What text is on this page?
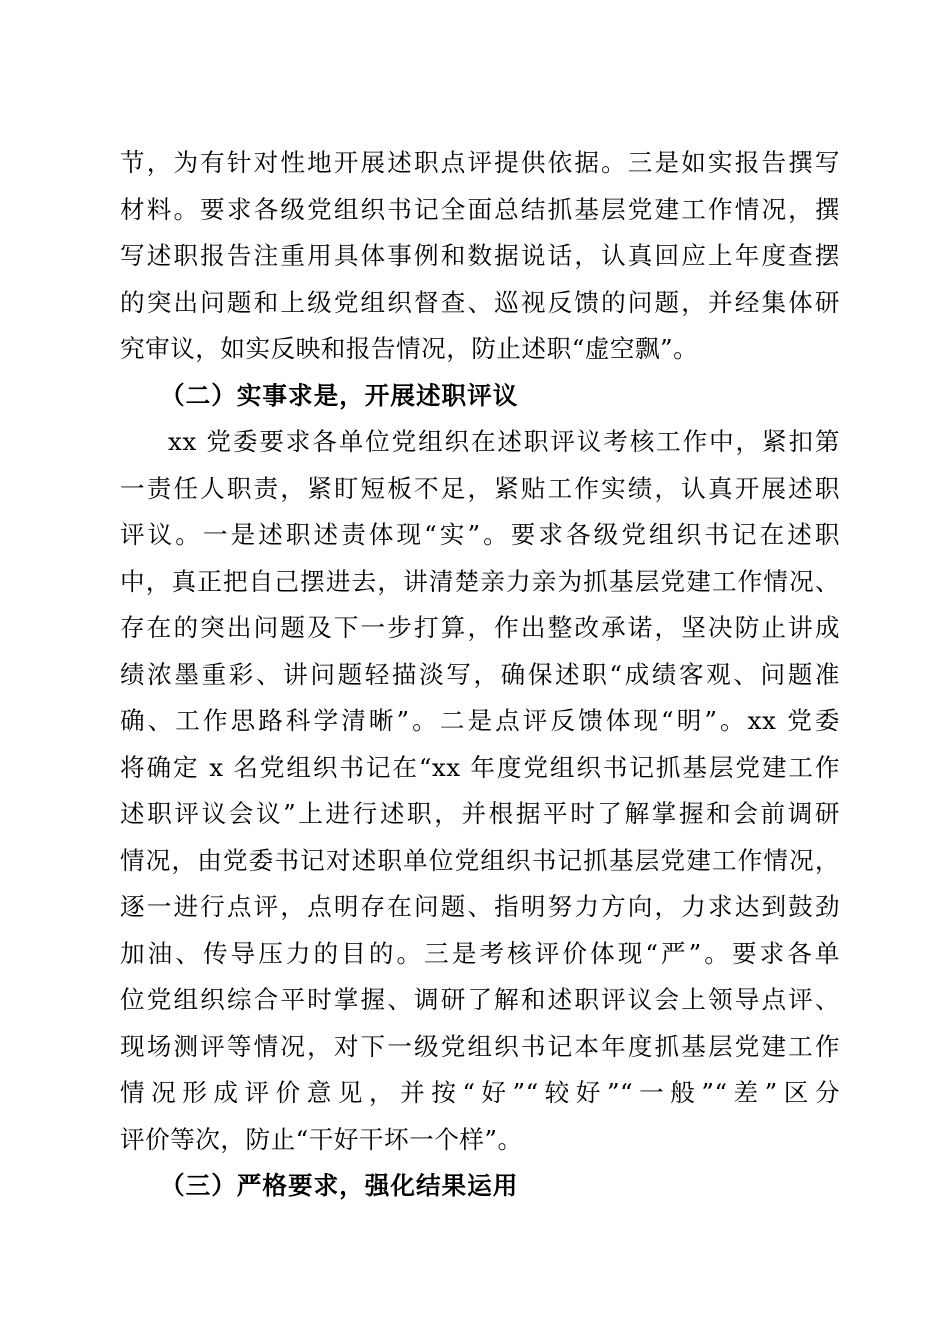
节，为有针对性地开展述职点评提供依据。三是如实报告撰写
材料。要求各级党组织书记全面总结抓基层党建工作情况，撰
写述职报告注重用具体事例和数据说话，认真回应上年度查摆
的突出问题和上级党组织督查、巡视反馈的问题，并经集体研
究审议，如实反映和报告情况，防止述职“虚空飘”。
（二）实事求是，开展述职评议
xx 党委要求各单位党组织在述职评议考核工作中，紧扣第
一责任人职责，紧盯短板不足，紧贴工作实绩，认真开展述职
评议。一是述职述责体现“实”。要求各级党组织书记在述职
中，真正把自己摆进去，讲清楚亲力亲为抓基层党建工作情况、
存在的突出问题及下一步打算，作出整改承诺，坚决防止讲成
绩浓墨重彩、讲问题轻描淡写，确保述职“成绩客观、问题准
确、工作思路科学清晰”。二是点评反馈体现“明”。xx 党委
将确定 x 名党组织书记在“xx 年度党组织书记抓基层党建工作
述职评议会议”上进行述职，并根据平时了解掌握和会前调研
情况，由党委书记对述职单位党组织书记抓基层党建工作情况，
逐一进行点评，点明存在问题、指明努力方向，力求达到鼓劲
加油、传导压力的目的。三是考核评价体现“严”。要求各单
位党组织综合平时掌握、调研了解和述职评议会上领导点评、
现场测评等情况，对下一级党组织书记本年度抓基层党建工作
情况形成评价意见，并按“好”“较好”“一般”“差”区分
评价等次，防止“干好干坏一个样”。
（三）严格要求，强化结果运用
